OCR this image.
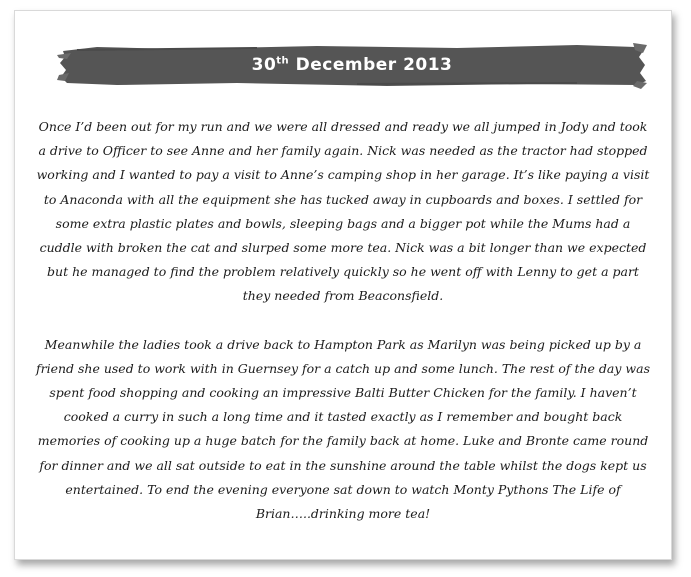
30th December 2013

Once I’d been out for my run and we were all dressed and ready we all jumped in Jody and took a drive to Officer to see Anne and her family again. Nick was needed as the tractor had stopped working and I wanted to pay a visit to Anne’s camping shop in her garage. It’s like paying a visit to Anaconda with all the equipment she has tucked away in cupboards and boxes. I settled for some extra plastic plates and bowls, sleeping bags and a bigger pot while the Mums had a cuddle with broken the cat and slurped some more tea. Nick was a bit longer than we expected but he managed to find the problem relatively quickly so he went off with Lenny to get a part they needed from Beaconsfield.

Meanwhile the ladies took a drive back to Hampton Park as Marilyn was being picked up by a friend she used to work with in Guernsey for a catch up and some lunch. The rest of the day was spent food shopping and cooking an impressive Balti Butter Chicken for the family. I haven’t cooked a curry in such a long time and it tasted exactly as I remember and bought back memories of cooking up a huge batch for the family back at home. Luke and Bronte came round for dinner and we all sat outside to eat in the sunshine around the table whilst the dogs kept us entertained. To end the evening everyone sat down to watch Monty Pythons The Life of Brian…..drinking more tea!
